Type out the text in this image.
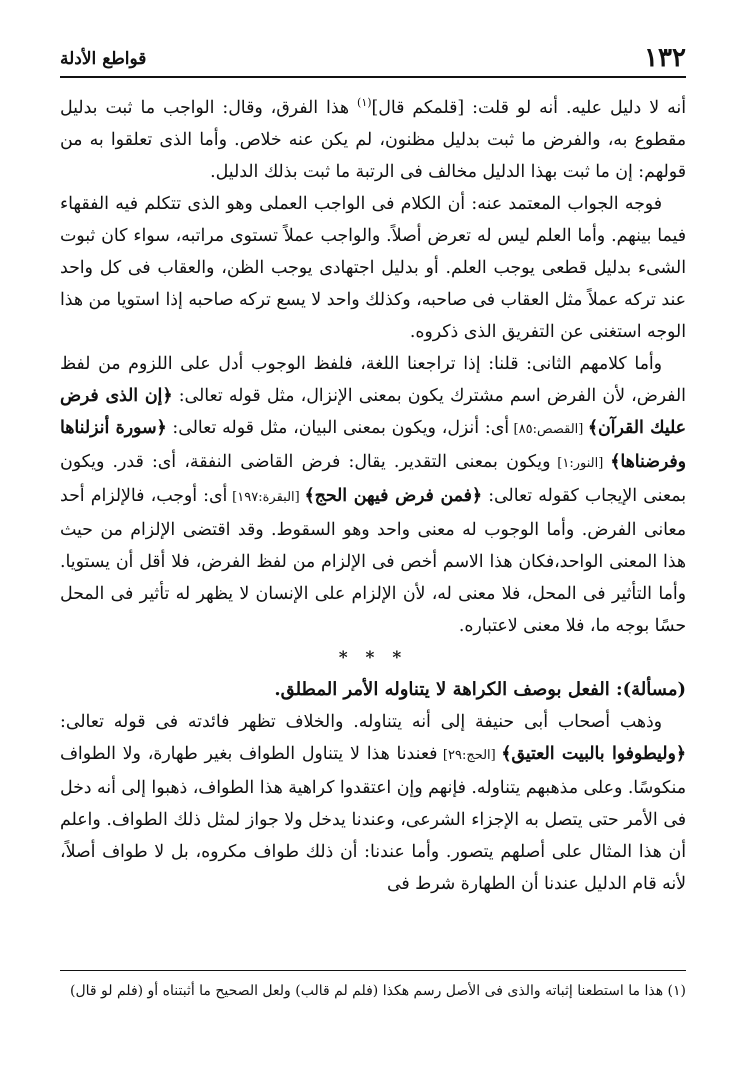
١٣٢
قواطع الأدلة

أنه لا دليل عليه. أنه لو قلت: [قلمكم قال]$^{(١)}$ هذا الفرق، وقال: الواجب ما ثبت بدليل مقطوع به، والفرض ما ثبت بدليل مظنون، لم يكن عنه خلاص. وأما الذى تعلقوا به من قولهم: إن ما ثبت بهذا الدليل مخالف فى الرتبة ما ثبت بذلك الدليل.

فوجه الجواب المعتمد عنه: أن الكلام فى الواجب العملى وهو الذى تتكلم فيه الفقهاء فيما بينهم. وأما العلم ليس له تعرض أصلاً. والواجب عملاً تستوى مراتبه، سواء كان ثبوت الشىء بدليل قطعى يوجب العلم. أو بدليل اجتهادى يوجب الظن، والعقاب فى كل واحد عند تركه عملاً مثل العقاب فى صاحبه، وكذلك واحد لا يسع تركه صاحبه إذا استويا من هذا الوجه استغنى عن التفريق الذى ذكروه.

وأما كلامهم الثانى: قلنا: إذا تراجعنا اللغة، فلفظ الوجوب أدل على اللزوم من لفظ الفرض، لأن الفرض اسم مشترك يكون بمعنى الإنزال، مثل قوله تعالى: ﴿إن الذى فرض عليك القرآن﴾ [القصص:٨٥] أى: أنزل، ويكون بمعنى البيان، مثل قوله تعالى: ﴿سورة أنزلناها وفرضناها﴾ [النور:١] ويكون بمعنى التقدير. يقال: فرض القاضى النفقة، أى: قدر. ويكون بمعنى الإيجاب كقوله تعالى: ﴿فمن فرض فيهن الحج﴾ [البقرة:١٩٧] أى: أوجب، فالإلزام أحد معانى الفرض. وأما الوجوب له معنى واحد وهو السقوط. وقد اقتضى الإلزام من حيث هذا المعنى الواحد،فكان هذا الاسم أخص فى الإلزام من لفظ الفرض، فلا أقل أن يستويا. وأما التأثير فى المحل، فلا معنى له، لأن الإلزام على الإنسان لا يظهر له تأثير فى المحل حسًا بوجه ما، فلا معنى لاعتباره.

* * *

(مسألة): الفعل بوصف الكراهة لا يتناوله الأمر المطلق.

وذهب أصحاب أبى حنيفة إلى أنه يتناوله. والخلاف تظهر فائدته فى قوله تعالى: ﴿وليطوفوا بالبيت العتيق﴾ [الحج:٢٩] فعندنا هذا لا يتناول الطواف بغير طهارة، ولا الطواف منكوسًا. وعلى مذهبهم يتناوله. فإنهم وإن اعتقدوا كراهية هذا الطواف، ذهبوا إلى أنه دخل فى الأمر حتى يتصل به الإجزاء الشرعى، وعندنا يدخل ولا جواز لمثل ذلك الطواف. واعلم أن هذا المثال على أصلهم يتصور. وأما عندنا: أن ذلك طواف مكروه، بل لا طواف أصلاً، لأنه قام الدليل عندنا أن الطهارة شرط فى

(١) هذا ما استطعنا إثباته والذى فى الأصل رسم هكذا (فلم لم قالب) ولعل الصحيح ما أثبتناه أو (فلم لو قال)
